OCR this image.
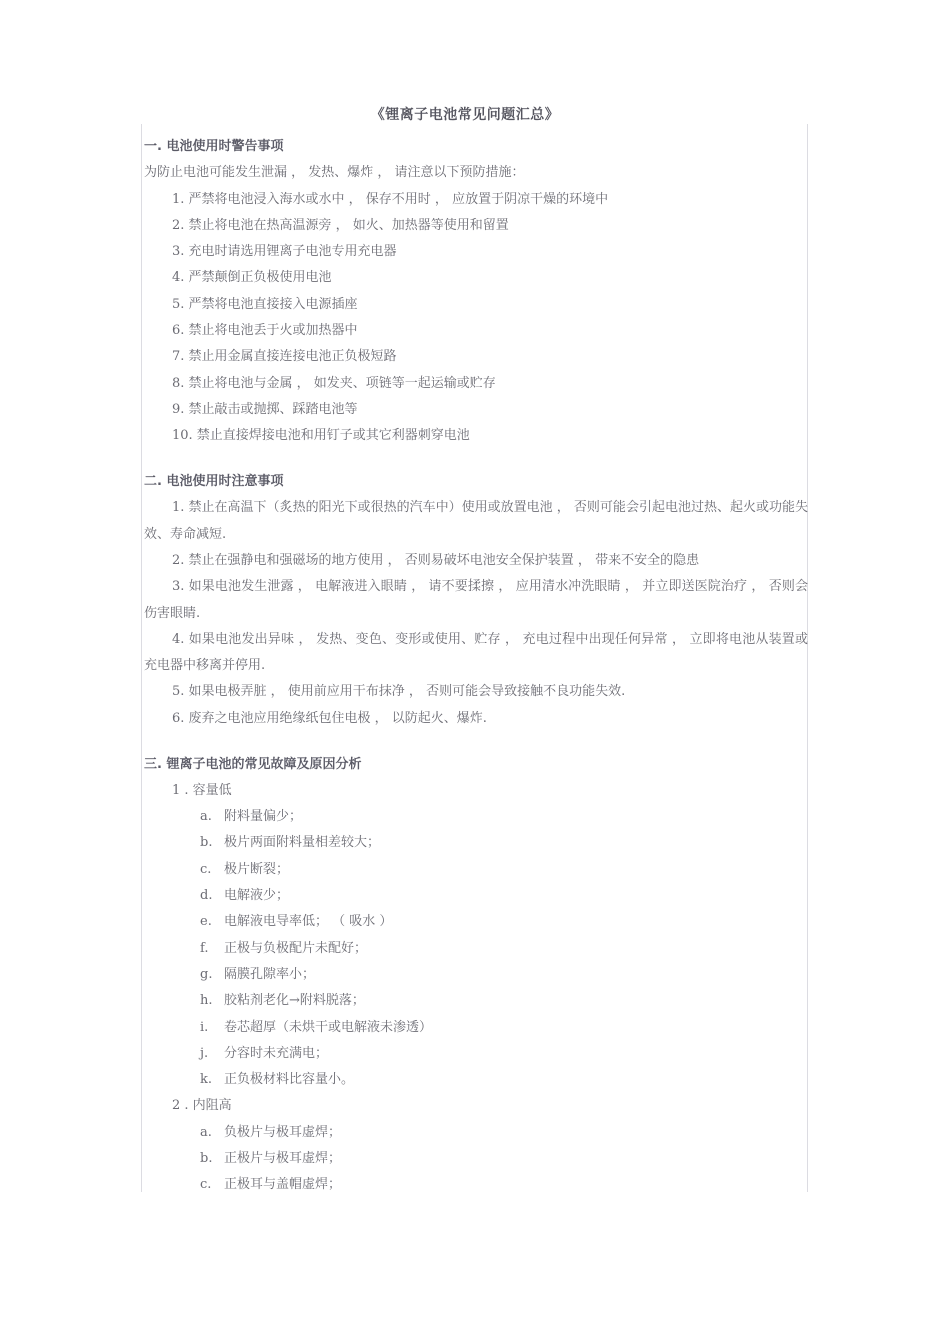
《锂离子电池常见问题汇总》
一. 电池使用时警告事项
为防止电池可能发生泄漏 ， 发热、爆炸 ， 请注意以下预防措施：
1. 严禁将电池浸入海水或水中 ， 保存不用时 ， 应放置于阴凉干燥的环境中
2. 禁止将电池在热高温源旁 ， 如火、加热器等使用和留置
3. 充电时请选用锂离子电池专用充电器
4. 严禁颠倒正负极使用电池
5. 严禁将电池直接接入电源插座
6. 禁止将电池丢于火或加热器中
7. 禁止用金属直接连接电池正负极短路
8. 禁止将电池与金属 ， 如发夹、项链等一起运输或贮存
9. 禁止敲击或抛掷、踩踏电池等
10. 禁止直接焊接电池和用钉子或其它利器刺穿电池
二. 电池使用时注意事项
1. 禁止在高温下（炙热的阳光下或很热的汽车中）使用或放置电池 ， 否则可能会引起电池过热、起火或功能失效、寿命减短.
2. 禁止在强静电和强磁场的地方使用 ， 否则易破坏电池安全保护装置 ， 带来不安全的隐患
3. 如果电池发生泄露 ， 电解液进入眼睛 ， 请不要揉擦 ， 应用清水冲洗眼睛 ， 并立即送医院治疗 ， 否则会伤害眼睛.
4. 如果电池发出异味 ， 发热、变色、变形或使用、贮存 ， 充电过程中出现任何异常 ， 立即将电池从装置或充电器中移离并停用.
5. 如果电极弄脏 ， 使用前应用干布抹净 ， 否则可能会导致接触不良功能失效.
6. 废弃之电池应用绝缘纸包住电极 ， 以防起火、爆炸.
三. 锂离子电池的常见故障及原因分析
1 . 容量低
a. 附料量偏少；
b. 极片两面附料量相差较大；
c. 极片断裂；
d. 电解液少；
e. 电解液电导率低； （ 吸水 ）
f. 正极与负极配片未配好；
g. 隔膜孔隙率小；
h. 胶粘剂老化→附料脱落；
i. 卷芯超厚（未烘干或电解液未渗透）
j. 分容时未充满电；
k. 正负极材料比容量小。
2 . 内阻高
a. 负极片与极耳虚焊；
b. 正极片与极耳虚焊；
c. 正极耳与盖帽虚焊；
